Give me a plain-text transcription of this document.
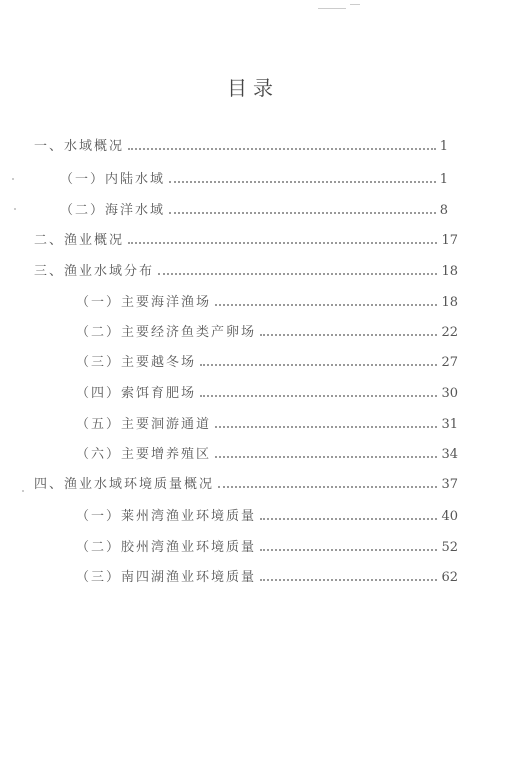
目录
一、水域概况	1
（一）内陆水域	1
（二）海洋水域	8
二、渔业概况	17
三、渔业水域分布	18
（一）主要海洋渔场	18
（二）主要经济鱼类产卵场	22
（三）主要越冬场	27
（四）索饵育肥场	30
（五）主要洄游通道	31
（六）主要增养殖区	34
四、渔业水域环境质量概况	37
（一）莱州湾渔业环境质量	40
（二）胶州湾渔业环境质量	52
（三）南四湖渔业环境质量	62
